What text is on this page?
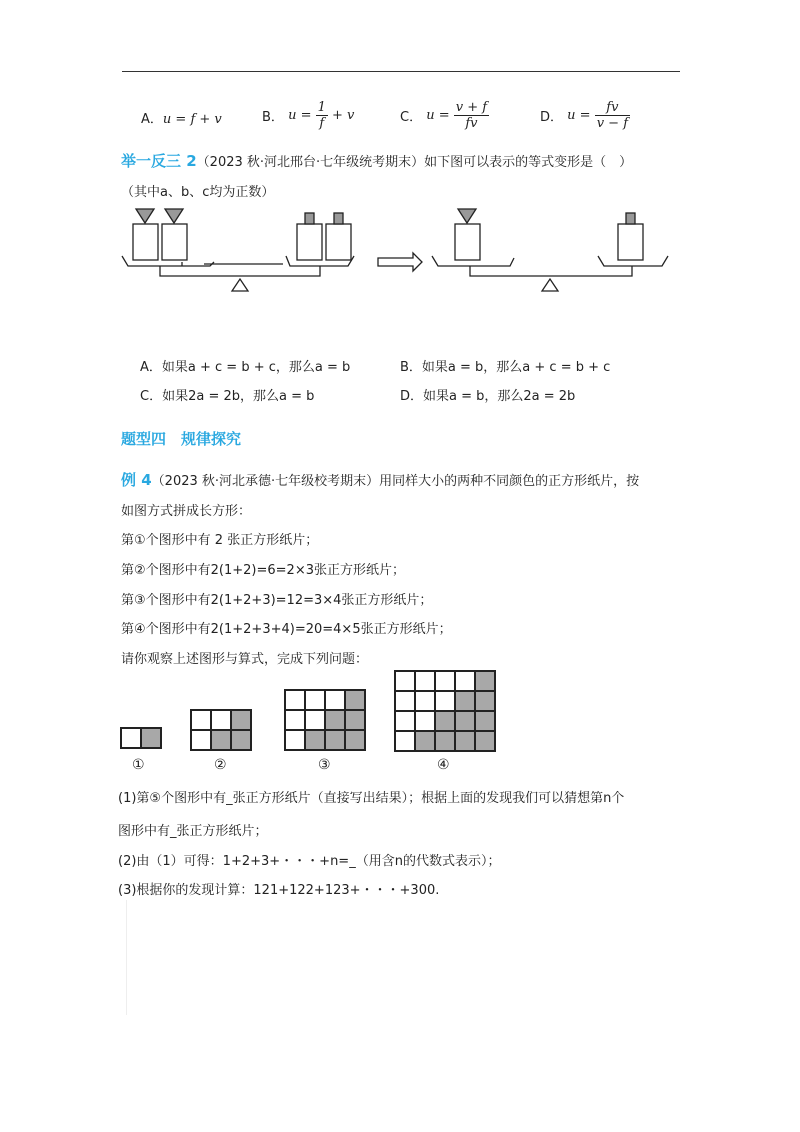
A．u = f + v	B． $u = \frac{1}{f} + v$	C． $u = \frac{v + f}{fv}$	D． $u = \frac{fv}{v - f}$
举一反三 2（2023 秋·河北邢台·七年级统考期末）如下图可以表示的等式变形是（　）
（其中a、b、c均为正数）
A．如果a + c = b + c，那么a = b	B．如果a = b，那么a + c = b + c
C．如果2a = 2b，那么a = b	D．如果a = b，那么2a = 2b
题型四　规律探究
例 4（2023 秋·河北承德·七年级校考期末）用同样大小的两种不同颜色的正方形纸片，按
如图方式拼成长方形：
第①个图形中有 2 张正方形纸片；
第②个图形中有2(1+2)=6=2×3张正方形纸片；
第③个图形中有2(1+2+3)=12=3×4张正方形纸片；
第④个图形中有2(1+2+3+4)=20=4×5张正方形纸片；
请你观察上述图形与算式，完成下列问题：
①	②	③	④
(1)第⑤个图形中有_张正方形纸片（直接写出结果）；根据上面的发现我们可以猜想第n个
图形中有_张正方形纸片；
(2)由（1）可得：1+2+3+・・・+n=_（用含n的代数式表示）；
(3)根据你的发现计算：121+122+123+・・・+300.
